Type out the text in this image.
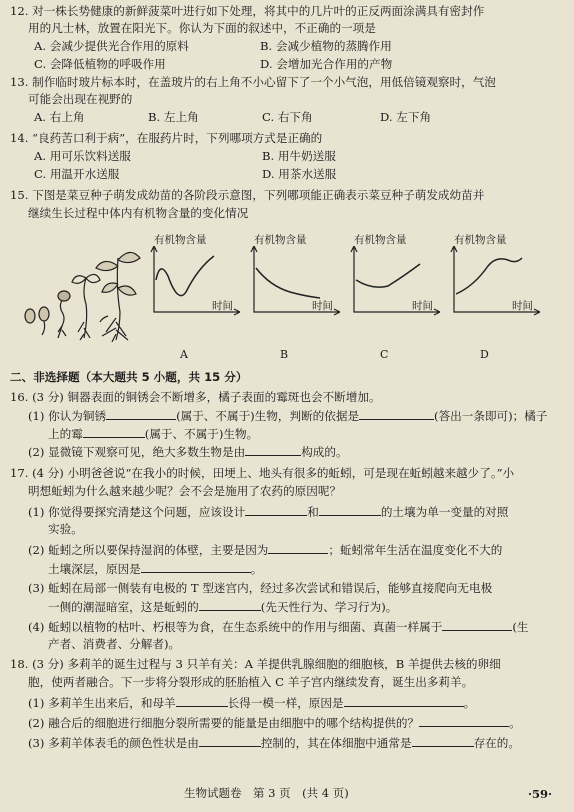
12. 对一株长势健康的新鲜菠菜叶进行如下处理，将其中的几片叶的正反两面涂满具有密封作
用的凡士林，放置在阳光下。你认为下面的叙述中，不正确的一项是
A. 会减少提供光合作用的原料	B. 会减少植物的蒸腾作用
C. 会降低植物的呼吸作用	D. 会增加光合作用的产物
13. 制作临时玻片标本时，在盖玻片的右上角不小心留下了一个小气泡，用低倍镜观察时，气泡
可能会出现在视野的
A. 右上角	B. 左上角	C. 右下角	D. 左下角
14. “良药苦口利于病”，在服药片时，下列哪项方式是正确的
A. 用可乐饮料送服	B. 用牛奶送服
C. 用温开水送服	D. 用茶水送服
15. 下图是菜豆种子萌发成幼苗的各阶段示意图，下列哪项能正确表示菜豆种子萌发成幼苗并
继续生长过程中体内有机物含量的变化情况
有机物含量
时间
A
有机物含量
时间
B
有机物含量
时间
C
有机物含量
时间
D
二、非选择题（本大题共 5 小题，共 15 分）
16. (3 分) 铜器表面的铜锈会不断增多，橘子表面的霉斑也会不断增加。
(1) 你认为铜锈	(属于、不属于)生物，判断的依据是	(答出一条即可)；橘子
上的霉	(属于、不属于)生物。
(2) 显微镜下观察可见，绝大多数生物是由	构成的。
17. (4 分) 小明爸爸说“在我小的时候，田埂上、地头有很多的蚯蚓，可是现在蚯蚓越来越少了。”小
明想蚯蚓为什么越来越少呢？会不会是施用了农药的原因呢？
(1) 你觉得要探究清楚这个问题，应该设计	和	的土壤为单一变量的对照
实验。
(2) 蚯蚓之所以要保持湿润的体壁，主要是因为	；蚯蚓常年生活在温度变化不大的
土壤深层，原因是	。
(3) 蚯蚓在局部一侧装有电极的 T 型迷宫内，经过多次尝试和错误后，能够直接爬向无电极
一侧的潮湿暗室，这是蚯蚓的	(先天性行为、学习行为)。
(4) 蚯蚓以植物的枯叶、朽根等为食，在生态系统中的作用与细菌、真菌一样属于	(生
产者、消费者、分解者)。
18. (3 分) 多莉羊的诞生过程与 3 只羊有关：A 羊提供乳腺细胞的细胞核，B 羊提供去核的卵细
胞，使两者融合。下一步将分裂形成的胚胎植入 C 羊子宫内继续发育，诞生出多莉羊。
(1) 多莉羊生出来后，和母羊	长得一模一样，原因是	。
(2) 融合后的细胞进行细胞分裂所需要的能量是由细胞中的哪个结构提供的？	。
(3) 多莉羊体表毛的颜色性状是由	控制的，其在体细胞中通常是	存在的。
生物试题卷　第 3 页　(共 4 页)	·59·
